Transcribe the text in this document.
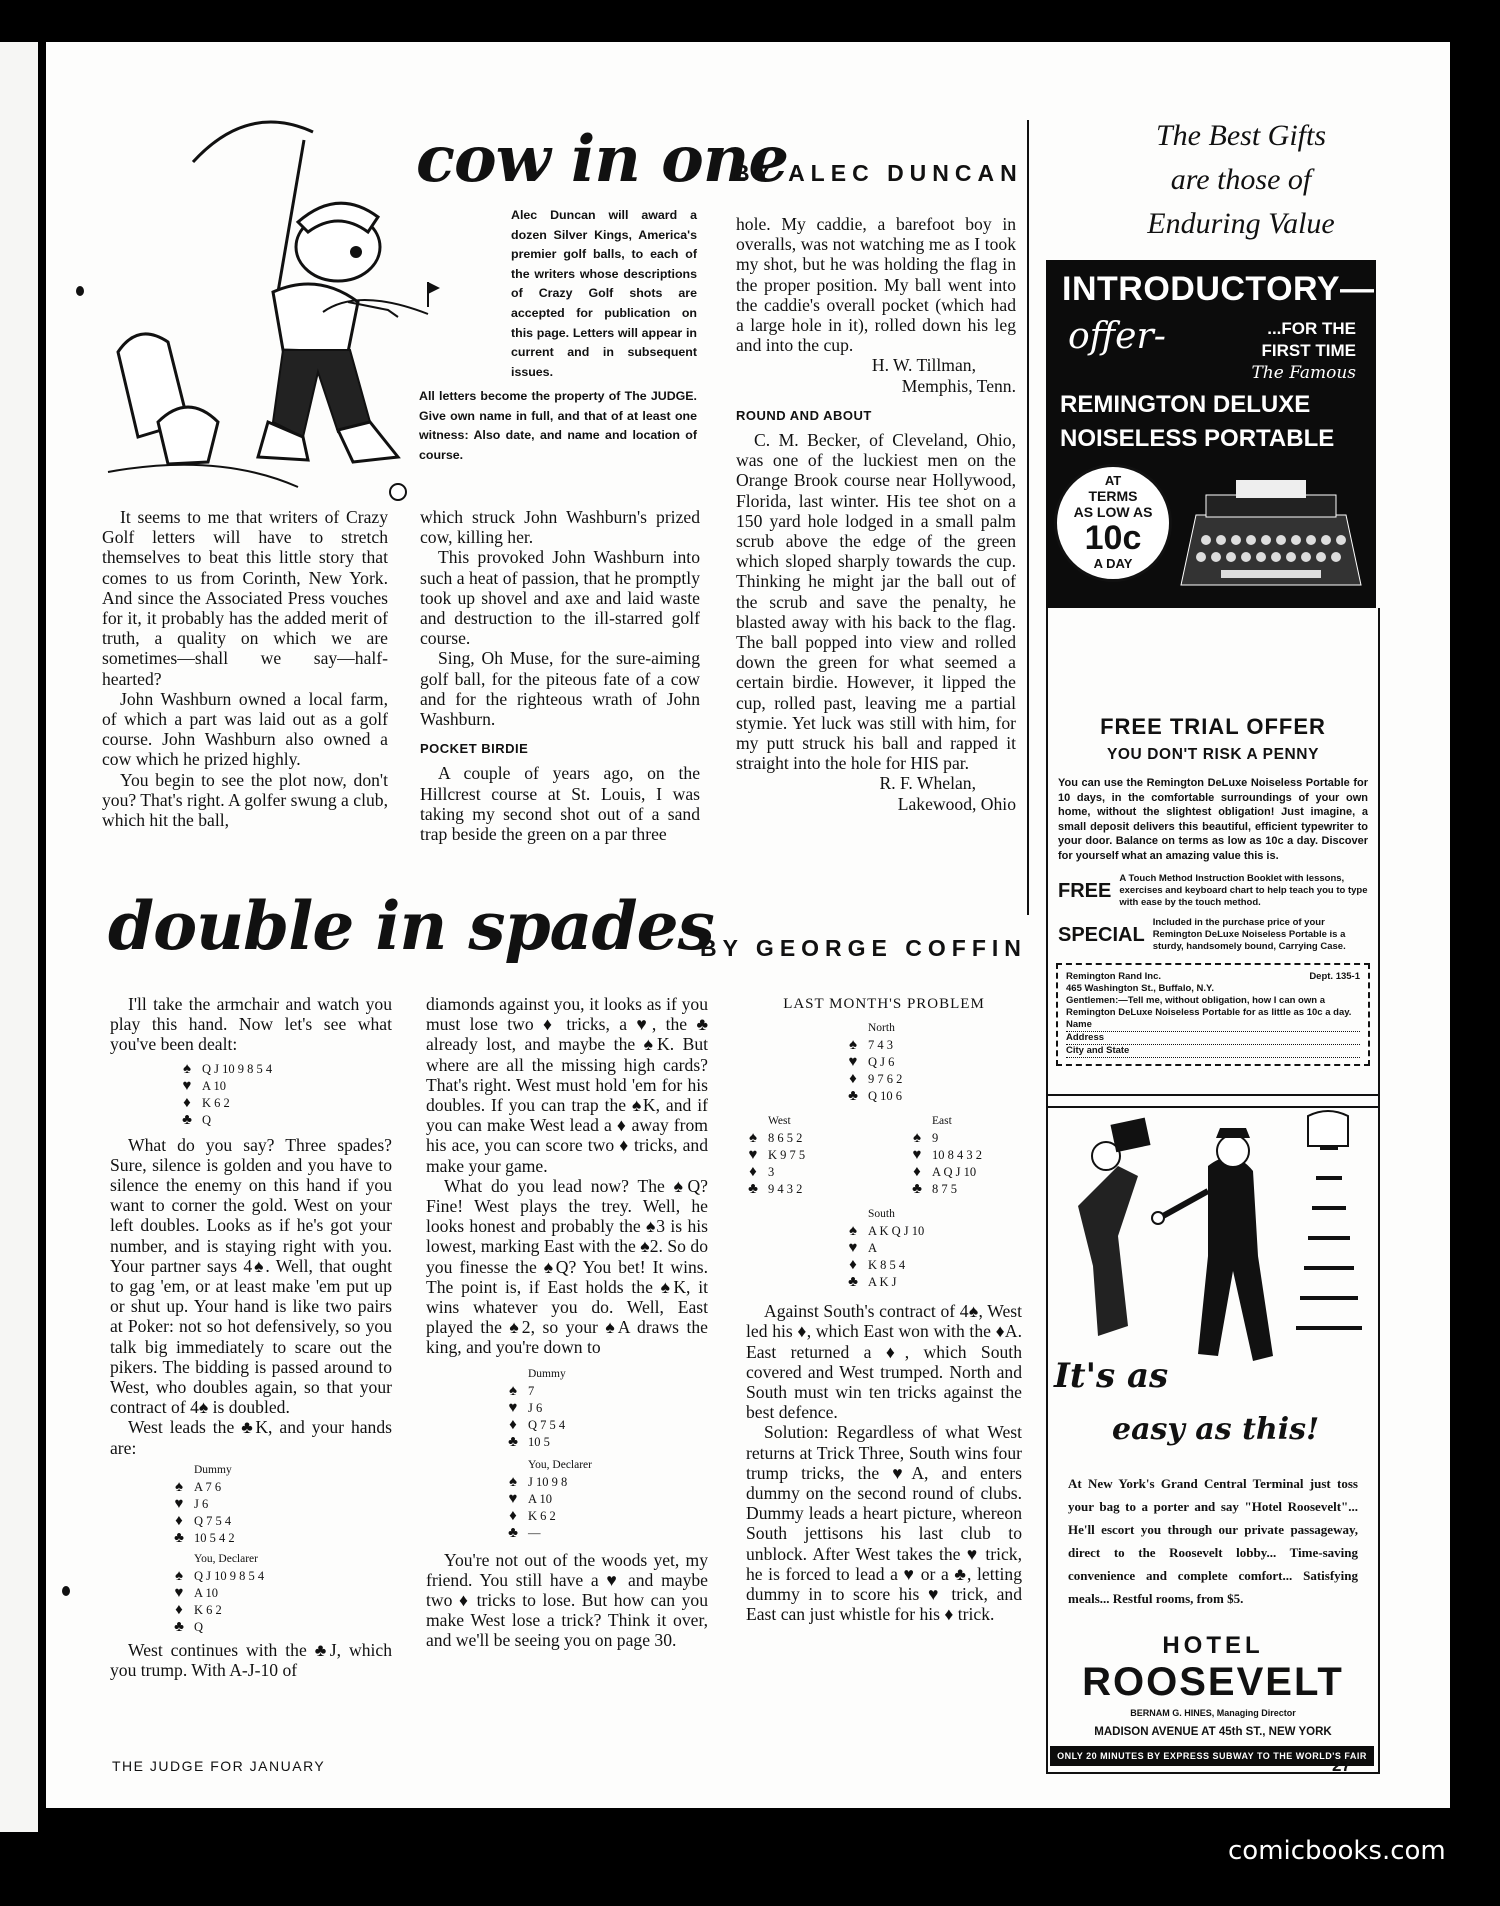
cow in one
BY ALEC DUNCAN
Alec Duncan will award a dozen Silver Kings, America's premier golf balls, to each of the writers whose descriptions of Crazy Golf shots are accepted for publication on this page. Letters will appear in current and in subsequent issues.
All letters become the property of The JUDGE. Give own name in full, and that of at least one witness: Also date, and name and location of course.

It seems to me that writers of Crazy Golf letters will have to stretch themselves to beat this little story that comes to us from Corinth, New York. And since the Associated Press vouches for it, it probably has the added merit of truth, a quality on which we are sometimes—shall we say—half-hearted?

John Washburn owned a local farm, of which a part was laid out as a golf course. John Washburn also owned a cow which he prized highly.

You begin to see the plot now, don't you? That's right. A golfer swung a club, which hit the ball,

which struck John Washburn's prized cow, killing her.

This provoked John Washburn into such a heat of passion, that he promptly took up shovel and axe and laid waste and destruction to the ill-starred golf course.

Sing, Oh Muse, for the sure-aiming golf ball, for the piteous fate of a cow and for the righteous wrath of John Washburn.

POCKET BIRDIE

A couple of years ago, on the Hillcrest course at St. Louis, I was taking my second shot out of a sand trap beside the green on a par three

hole. My caddie, a barefoot boy in overalls, was not watching me as I took my shot, but he was holding the flag in the proper position. My ball went into the caddie's overall pocket (which had a large hole in it), rolled down his leg and into the cup.

H. W. Tillman,
Memphis, Tenn.
ROUND AND ABOUT

C. M. Becker, of Cleveland, Ohio, was one of the luckiest men on the Orange Brook course near Hollywood, Florida, last winter. His tee shot on a 150 yard hole lodged in a small palm scrub above the edge of the green which sloped sharply towards the cup. Thinking he might jar the ball out of the scrub and save the penalty, he blasted away with his back to the flag. The ball popped into view and rolled down the green for what seemed a certain birdie. However, it lipped the cup, rolled past, leaving me a partial stymie. Yet luck was still with him, for my putt struck his ball and rapped it straight into the hole for HIS par.

R. F. Whelan,
Lakewood, Ohio
double in spades
BY GEORGE COFFIN

I'll take the armchair and watch you play this hand. Now let's see what you've been dealt:

♠ Q J 10 9 8 5 4
♥ A 10
♦ K 6 2
♣ Q

What do you say? Three spades? Sure, silence is golden and you have to silence the enemy on this hand if you want to corner the gold. West on your left doubles. Looks as if he's got your number, and is staying right with you. Your partner says 4♠. Well, that ought to gag 'em, or at least make 'em put up or shut up. Your hand is like two pairs at Poker: not so hot defensively, so you talk big immediately to scare out the pikers. The bidding is passed around to West, who doubles again, so that your contract of 4♠ is doubled.

West leads the ♣K, and your hands are:

Dummy
♠ A 7 6
♥ J 6
♦ Q 7 5 4
♣ 10 5 4 2
You, Declarer
♠ Q J 10 9 8 5 4
♥ A 10
♦ K 6 2
♣ Q

West continues with the ♣J, which you trump. With A-J-10 of

diamonds against you, it looks as if you must lose two ♦ tricks, a ♥, the ♣ already lost, and maybe the ♠K. But where are all the missing high cards? That's right. West must hold 'em for his doubles. If you can trap the ♠K, and if you can make West lead a ♦ away from his ace, you can score two ♦ tricks, and make your game.

What do you lead now? The ♠Q? Fine! West plays the trey. Well, he looks honest and probably the ♠3 is his lowest, marking East with the ♠2. So do you finesse the ♠Q? You bet! It wins. The point is, if East holds the ♠K, it wins whatever you do. Well, East played the ♠2, so your ♠A draws the king, and you're down to

Dummy
♠ 7
♥ J 6
♦ Q 7 5 4
♣ 10 5
You, Declarer
♠ J 10 9 8
♥ A 10
♦ K 6 2
♣ —

You're not out of the woods yet, my friend. You still have a ♥ and maybe two ♦ tricks to lose. But how can you make West lose a trick? Think it over, and we'll be seeing you on page 30.

LAST MONTH'S PROBLEM
North
♠ 7 4 3
♥ Q J 6
♦ 9 7 6 2
♣ Q 10 6
West
♠ 8 6 5 2
♥ K 9 7 5
♦ 3
♣ 9 4 3 2
East
♠ 9
♥ 10 8 4 3 2
♦ A Q J 10
♣ 8 7 5
South
♠ A K Q J 10
♥ A
♦ K 8 5 4
♣ A K J

Against South's contract of 4♠, West led his ♦, which East won with the ♦A. East returned a ♦, which South covered and West trumped. North and South must win ten tricks against the best defence.

Solution: Regardless of what West returns at Trick Three, South wins four trump tricks, the ♥A, and enters dummy on the second round of clubs. Dummy leads a heart picture, whereon South jettisons his last club to unblock. After West takes the ♥ trick, he is forced to lead a ♥ or a ♣, letting dummy in to score his ♥ trick, and East can just whistle for his ♦ trick.

The Best Gifts
are those of
Enduring Value
INTRODUCTORY—
offer-	...FOR THE
FIRST TIME
The Famous
REMINGTON DELUXE
NOISELESS PORTABLE
AT
TERMS
AS LOW AS
10c
A DAY
FREE TRIAL OFFER
YOU DON'T RISK A PENNY
You can use the Remington DeLuxe Noiseless Portable for 10 days, in the comfortable surroundings of your own home, without the slightest obligation! Just imagine, a small deposit delivers this beautiful, efficient typewriter to your door. Balance on terms as low as 10c a day. Discover for yourself what an amazing value this is.
FREE
A Touch Method Instruction Booklet with lessons, exercises and keyboard chart to help teach you to type with ease by the touch method.
SPECIAL
Included in the purchase price of your Remington DeLuxe Noiseless Portable is a sturdy, handsomely bound, Carrying Case.
Remington Rand Inc.	Dept. 135-1
465 Washington St., Buffalo, N.Y.
Gentlemen:—Tell me, without obligation, how I can own a Remington DeLuxe Noiseless Portable for as little as 10c a day.
Name
Address
City and State
It's as
easy as this!
At New York's Grand Central Terminal just toss your bag to a porter and say "Hotel Roosevelt"... He'll escort you through our private passageway, direct to the Roosevelt lobby... Time-saving convenience and complete comfort... Satisfying meals... Restful rooms, from $5.
HOTEL
ROOSEVELT
BERNAM G. HINES, Managing Director
MADISON AVENUE AT 45th ST., NEW YORK
ONLY 20 MINUTES BY EXPRESS SUBWAY TO THE WORLD'S FAIR
THE JUDGE FOR JANUARY	27
comicbooks.com
